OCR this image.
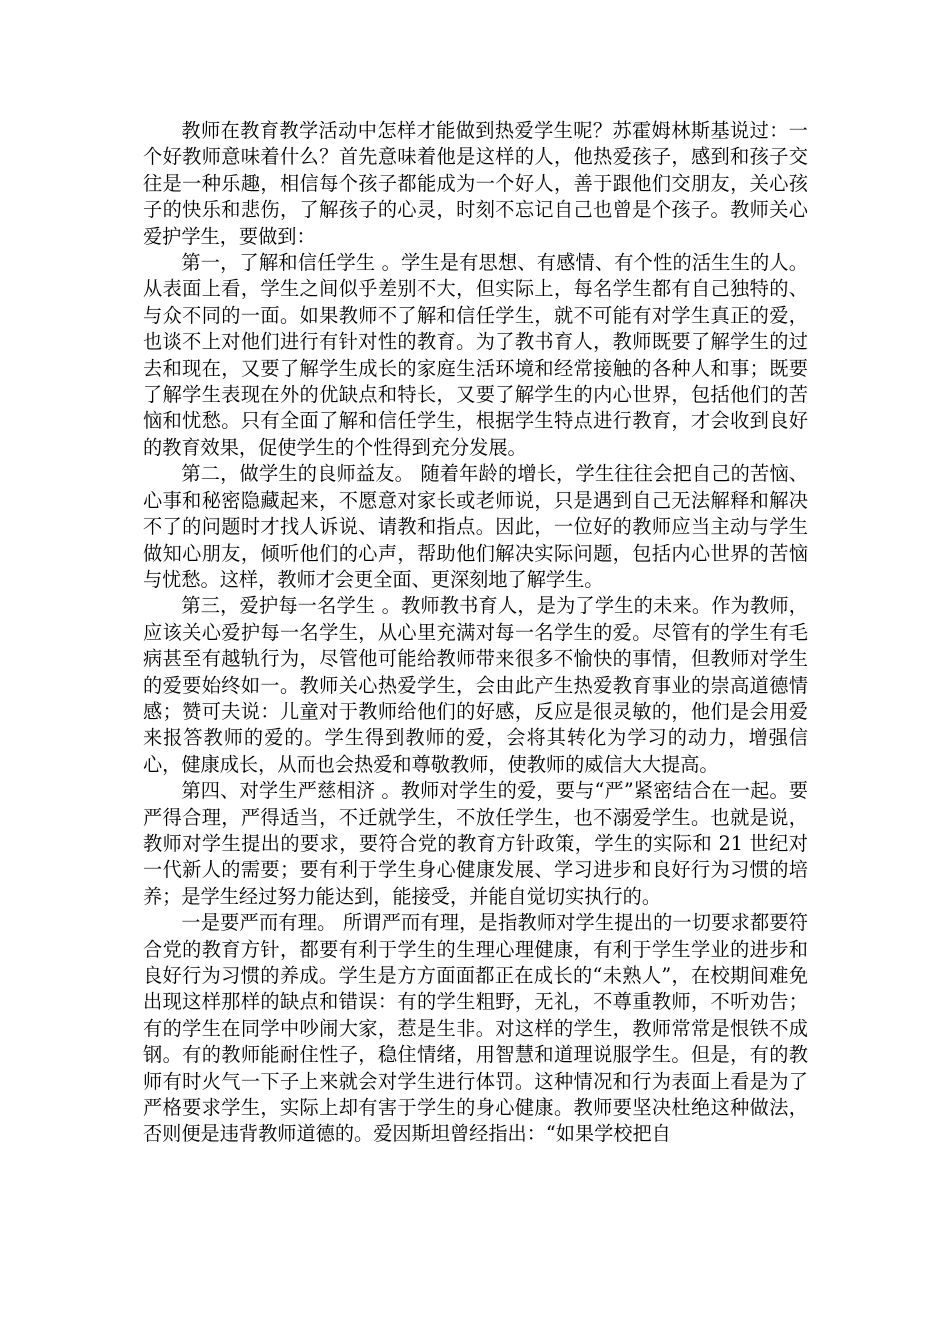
教师在教育教学活动中怎样才能做到热爱学生呢？苏霍姆林斯基说过：一个好教师意味着什么？首先意味着他是这样的人，他热爱孩子，感到和孩子交往是一种乐趣，相信每个孩子都能成为一个好人，善于跟他们交朋友，关心孩子的快乐和悲伤，了解孩子的心灵，时刻不忘记自己也曾是个孩子。教师关心爱护学生，要做到：

第一，了解和信任学生 。学生是有思想、有感情、有个性的活生生的人。从表面上看，学生之间似乎差别不大，但实际上，每名学生都有自己独特的、与众不同的一面。如果教师不了解和信任学生，就不可能有对学生真正的爱，也谈不上对他们进行有针对性的教育。为了教书育人，教师既要了解学生的过去和现在，又要了解学生成长的家庭生活环境和经常接触的各种人和事；既要了解学生表现在外的优缺点和特长，又要了解学生的内心世界，包括他们的苦恼和忧愁。只有全面了解和信任学生，根据学生特点进行教育，才会收到良好的教育效果，促使学生的个性得到充分发展。

第二，做学生的良师益友。 随着年龄的增长，学生往往会把自己的苦恼、心事和秘密隐藏起来，不愿意对家长或老师说，只是遇到自己无法解释和解决不了的问题时才找人诉说、请教和指点。因此，一位好的教师应当主动与学生做知心朋友，倾听他们的心声，帮助他们解决实际问题，包括内心世界的苦恼与忧愁。这样，教师才会更全面、更深刻地了解学生。

第三，爱护每一名学生 。教师教书育人，是为了学生的未来。作为教师，应该关心爱护每一名学生，从心里充满对每一名学生的爱。尽管有的学生有毛病甚至有越轨行为，尽管他可能给教师带来很多不愉快的事情，但教师对学生的爱要始终如一。教师关心热爱学生，会由此产生热爱教育事业的崇高道德情感；赞可夫说：儿童对于教师给他们的好感，反应是很灵敏的，他们是会用爱来报答教师的爱的。学生得到教师的爱，会将其转化为学习的动力，增强信心，健康成长，从而也会热爱和尊敬教师，使教师的威信大大提高。

第四、对学生严慈相济 。教师对学生的爱，要与“严”紧密结合在一起。要严得合理，严得适当，不迁就学生，不放任学生，也不溺爱学生。也就是说，教师对学生提出的要求，要符合党的教育方针政策，学生的实际和 21 世纪对一代新人的需要；要有利于学生身心健康发展、学习进步和良好行为习惯的培养；是学生经过努力能达到，能接受，并能自觉切实执行的。

一是要严而有理。 所谓严而有理，是指教师对学生提出的一切要求都要符合党的教育方针，都要有利于学生的生理心理健康，有利于学生学业的进步和良好行为习惯的养成。学生是方方面面都正在成长的“未熟人”，在校期间难免出现这样那样的缺点和错误：有的学生粗野，无礼，不尊重教师，不听劝告；有的学生在同学中吵闹大家，惹是生非。对这样的学生，教师常常是恨铁不成钢。有的教师能耐住性子，稳住情绪，用智慧和道理说服学生。但是，有的教师有时火气一下子上来就会对学生进行体罚。这种情况和行为表面上看是为了严格要求学生，实际上却有害于学生的身心健康。教师要坚决杜绝这种做法，否则便是违背教师道德的。爱因斯坦曾经指出：“如果学校把自
